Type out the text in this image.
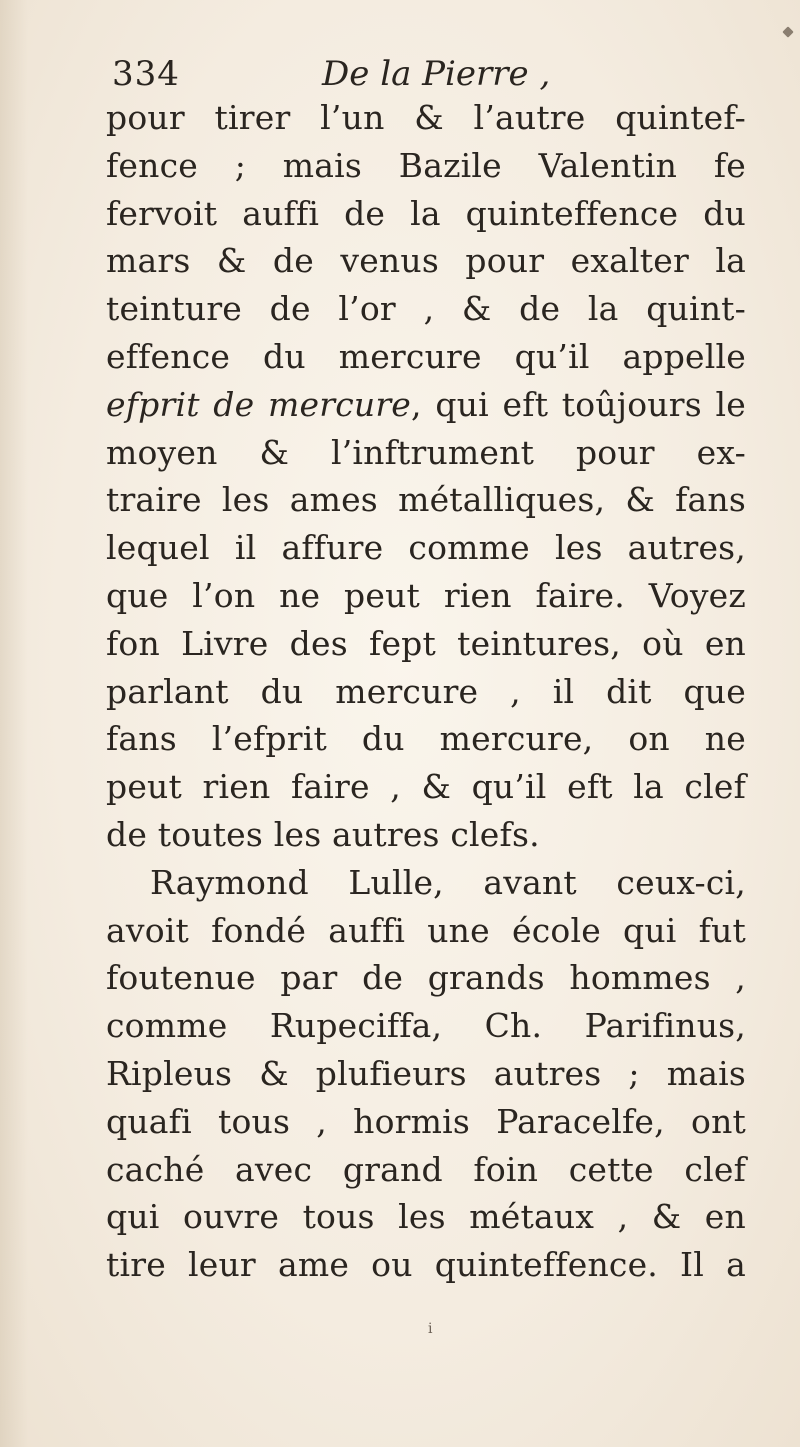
334	De la Pierre ,
pour tirer l’un & l’autre quintef-
fence ; mais Bazile Valentin fe
fervoit auffi de la quinteffence du
mars & de venus pour exalter la
teinture de l’or , & de la quint-
effence du mercure qu’il appelle
efprit de mercure, qui eft toûjours le
moyen & l’inftrument pour ex-
traire les ames métalliques, & fans
lequel il affure comme les autres,
que l’on ne peut rien faire. Voyez
fon Livre des fept teintures, où en
parlant du mercure , il dit que
fans l’efprit du mercure, on ne
peut rien faire , & qu’il eft la clef
de toutes les autres clefs.
Raymond Lulle, avant ceux-ci,
avoit fondé auffi une école qui fut
foutenue par de grands hommes ,
comme Rupeciffa, Ch. Parifinus,
Ripleus & plufieurs autres ; mais
quafi tous , hormis Paracelfe, ont
caché avec grand foin cette clef
qui ouvre tous les métaux , & en
tire leur ame ou quinteffence. Il a
i
